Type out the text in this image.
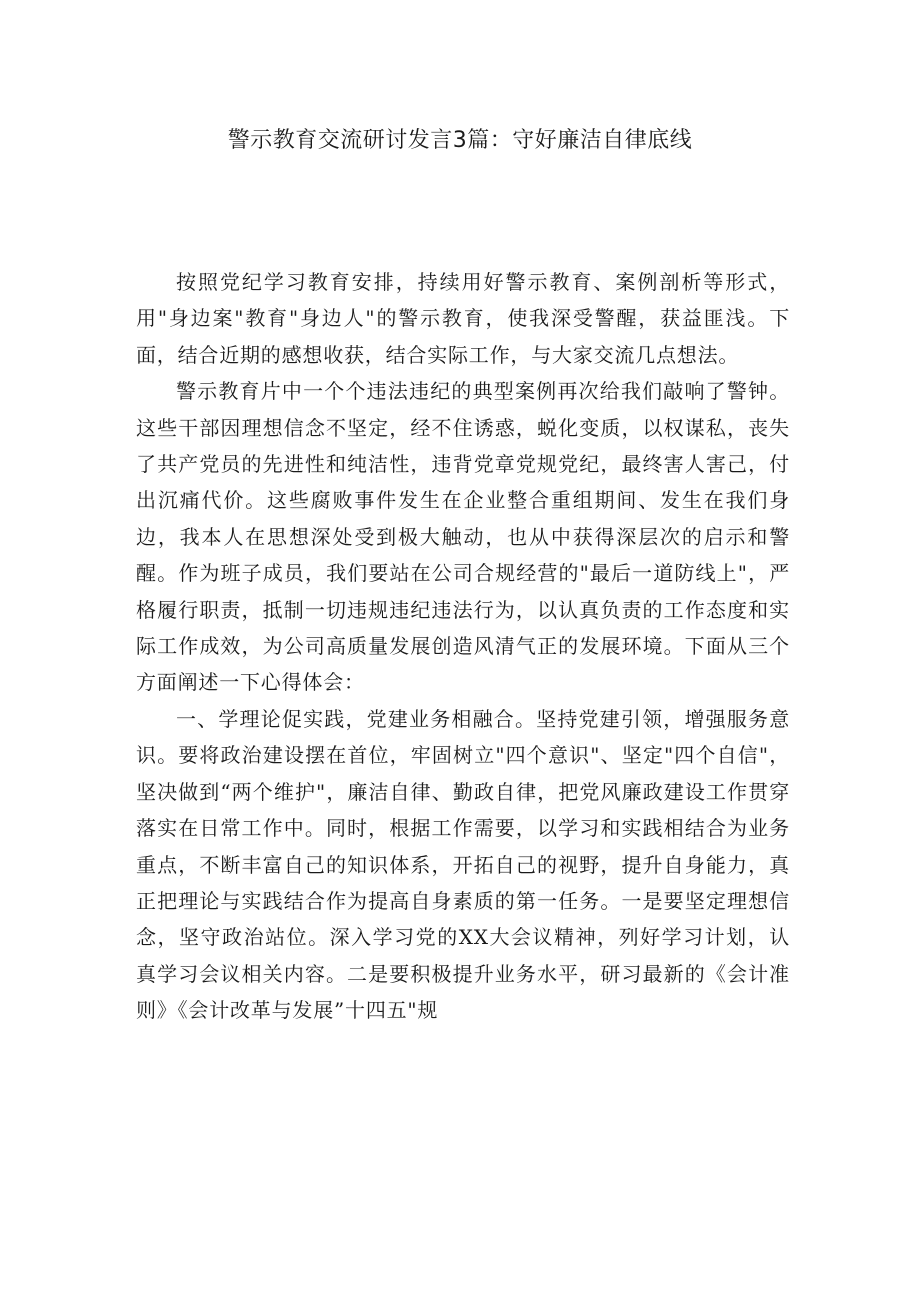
警示教育交流研讨发言3篇：守好廉洁自律底线

按照党纪学习教育安排，持续用好警示教育、案例剖析等形式，用"身边案"教育"身边人"的警示教育，使我深受警醒，获益匪浅。下面，结合近期的感想收获，结合实际工作，与大家交流几点想法。

警示教育片中一个个违法违纪的典型案例再次给我们敲响了警钟。这些干部因理想信念不坚定，经不住诱惑，蜕化变质，以权谋私，丧失了共产党员的先进性和纯洁性，违背党章党规党纪，最终害人害己，付出沉痛代价。这些腐败事件发生在企业整合重组期间、发生在我们身边，我本人在思想深处受到极大触动，也从中获得深层次的启示和警醒。作为班子成员，我们要站在公司合规经营的"最后一道防线上"，严格履行职责，抵制一切违规违纪违法行为，以认真负责的工作态度和实际工作成效，为公司高质量发展创造风清气正的发展环境。下面从三个方面阐述一下心得体会：

一、学理论促实践，党建业务相融合。坚持党建引领，增强服务意识。要将政治建设摆在首位，牢固树立"四个意识"、坚定"四个自信"，坚决做到“两个维护"，廉洁自律、勤政自律，把党风廉政建设工作贯穿落实在日常工作中。同时，根据工作需要，以学习和实践相结合为业务重点，不断丰富自己的知识体系，开拓自己的视野，提升自身能力，真正把理论与实践结合作为提高自身素质的第一任务。一是要坚定理想信念，坚守政治站位。深入学习党的XX大会议精神，列好学习计划，认真学习会议相关内容。二是要积极提升业务水平，研习最新的《会计准则》《会计改革与发展”十四五"规
